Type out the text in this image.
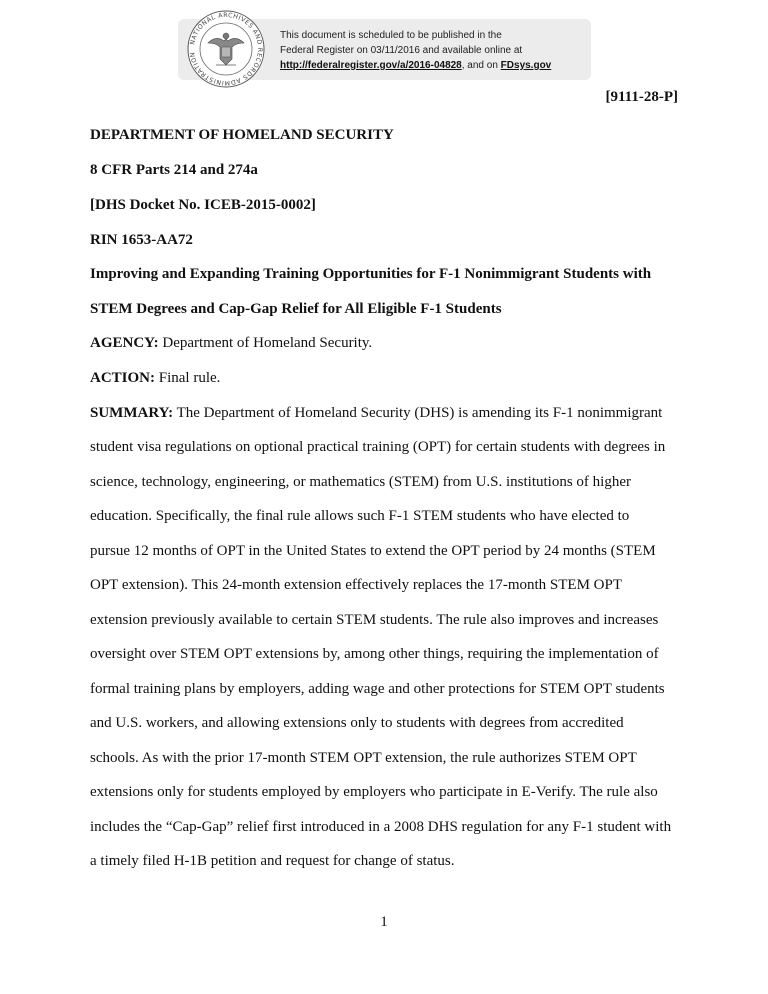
NATIONAL ARCHIVES AND RECORDS ADMINISTRATION
This document is scheduled to be published in the
Federal Register on 03/11/2016 and available online at
http://federalregister.gov/a/2016-04828, and on FDsys.gov
[9111-28-P]
DEPARTMENT OF HOMELAND SECURITY
8 CFR Parts 214 and 274a
[DHS Docket No. ICEB-2015-0002]
RIN 1653-AA72
Improving and Expanding Training Opportunities for F-1 Nonimmigrant Students with
STEM Degrees and Cap-Gap Relief for All Eligible F-1 Students
AGENCY: Department of Homeland Security.
ACTION: Final rule.
SUMMARY: The Department of Homeland Security (DHS) is amending its F-1 nonimmigrant
student visa regulations on optional practical training (OPT) for certain students with degrees in
science, technology, engineering, or mathematics (STEM) from U.S. institutions of higher
education. Specifically, the final rule allows such F-1 STEM students who have elected to
pursue 12 months of OPT in the United States to extend the OPT period by 24 months (STEM
OPT extension). This 24-month extension effectively replaces the 17-month STEM OPT
extension previously available to certain STEM students. The rule also improves and increases
oversight over STEM OPT extensions by, among other things, requiring the implementation of
formal training plans by employers, adding wage and other protections for STEM OPT students
and U.S. workers, and allowing extensions only to students with degrees from accredited
schools. As with the prior 17-month STEM OPT extension, the rule authorizes STEM OPT
extensions only for students employed by employers who participate in E-Verify. The rule also
includes the “Cap-Gap” relief first introduced in a 2008 DHS regulation for any F-1 student with
a timely filed H-1B petition and request for change of status.
1
